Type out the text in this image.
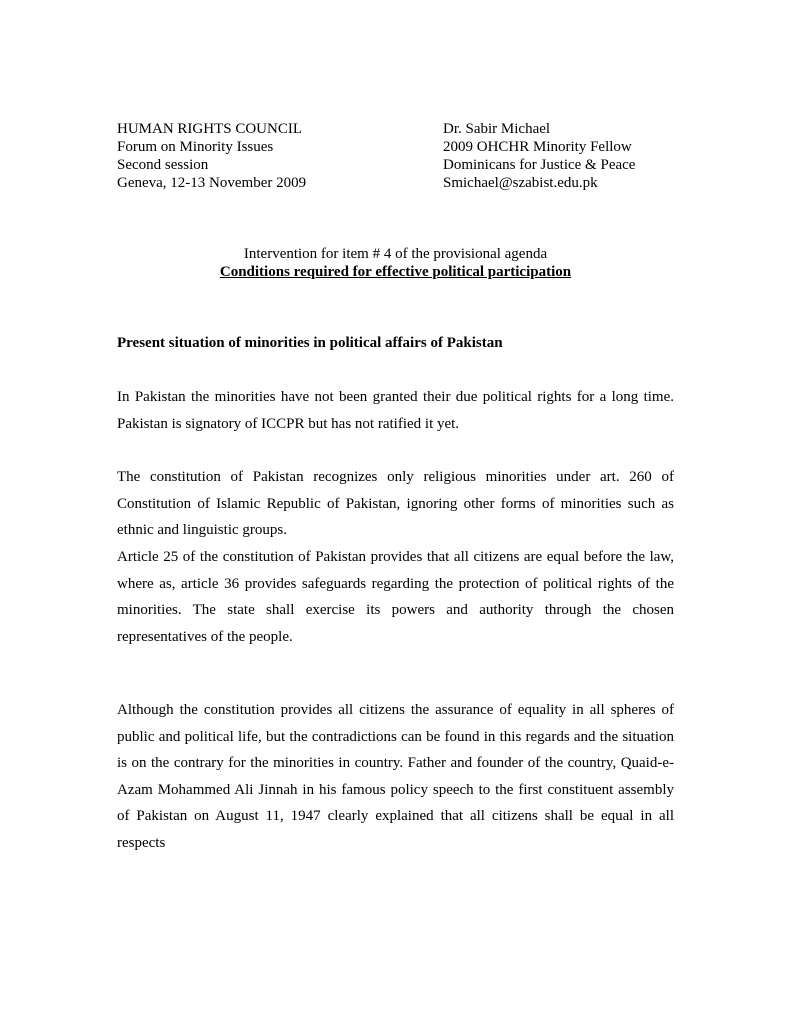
HUMAN RIGHTS COUNCIL
Forum on Minority Issues
Second session
Geneva, 12-13 November 2009
Dr. Sabir Michael
2009 OHCHR Minority Fellow
Dominicans for Justice & Peace
Smichael@szabist.edu.pk
Intervention for item # 4 of the provisional agenda
Conditions required for effective political participation
Present situation of minorities in political affairs of Pakistan

In Pakistan the minorities have not been granted their due political rights for a long time. Pakistan is signatory of ICCPR but has not ratified it yet.

The constitution of Pakistan recognizes only religious minorities under art. 260 of Constitution of Islamic Republic of Pakistan, ignoring other forms of minorities such as ethnic and linguistic groups.

Article 25 of the constitution of Pakistan provides that all citizens are equal before the law, where as, article 36 provides safeguards regarding the protection of political rights of the minorities. The state shall exercise its powers and authority through the chosen representatives of the people.

Although the constitution provides all citizens the assurance of equality in all spheres of public and political life, but the contradictions can be found in this regards and the situation is on the contrary for the minorities in country. Father and founder of the country, Quaid-e-Azam Mohammed Ali Jinnah in his famous policy speech to the first constituent assembly of Pakistan on August 11, 1947 clearly explained that all citizens shall be equal in all respects
